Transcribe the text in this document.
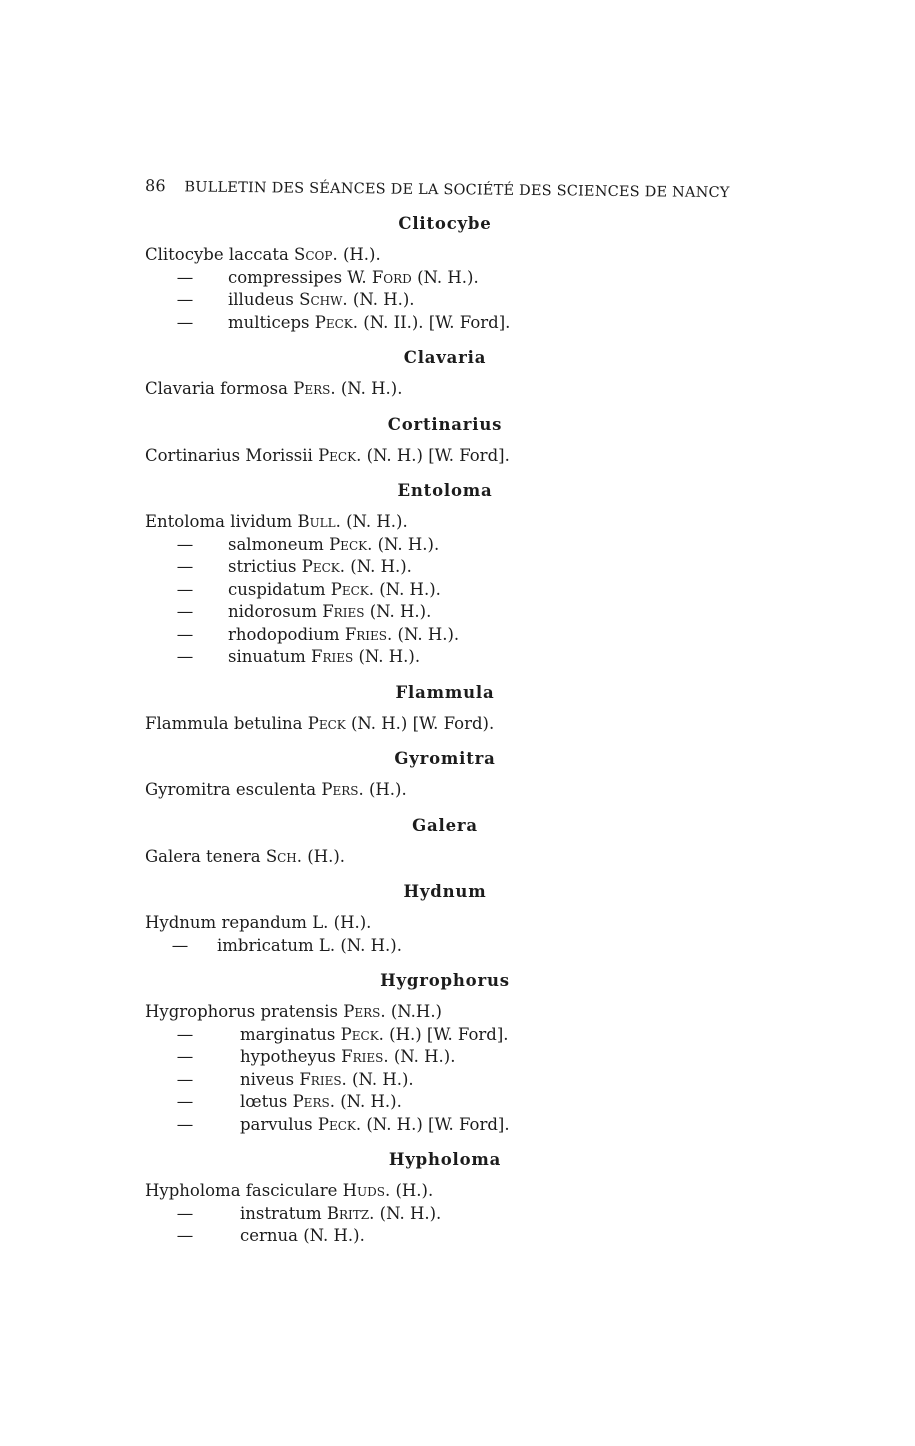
86 BULLETIN DES SÉANCES DE LA SOCIÉTÉ DES SCIENCES DE NANCY
Clitocybe
Clitocybe laccata Scop. (H.).
— compressipes W. Ford (N. H.).
— illudeus Schw. (N. H.).
— multiceps Peck. (N. II.). [W. Ford].
Clavaria
Clavaria formosa Pers. (N. H.).
Cortinarius
Cortinarius Morissii Peck. (N. H.) [W. Ford].
Entoloma
Entoloma lividum Bull. (N. H.).
— salmoneum Peck. (N. H.).
— strictius Peck. (N. H.).
— cuspidatum Peck. (N. H.).
— nidorosum Fries (N. H.).
— rhodopodium Fries. (N. H.).
— sinuatum Fries (N. H.).
Flammula
Flammula betulina Peck (N. H.) [W. Ford).
Gyromitra
Gyromitra esculenta Pers. (H.).
Galera
Galera tenera Sch. (H.).
Hydnum
Hydnum repandum L. (H.).
— imbricatum L. (N. H.).
Hygrophorus
Hygrophorus pratensis Pers. (N.H.)
—	marginatus Peck. (H.) [W. Ford].
—	hypotheyus Fries. (N. H.).
—	niveus Fries. (N. H.).
—	lœtus Pers. (N. H.).
—	parvulus Peck. (N. H.) [W. Ford].
Hypholoma
Hypholoma fasciculare Huds. (H.).
—	instratum Britz. (N. H.).
—	cernua (N. H.).
